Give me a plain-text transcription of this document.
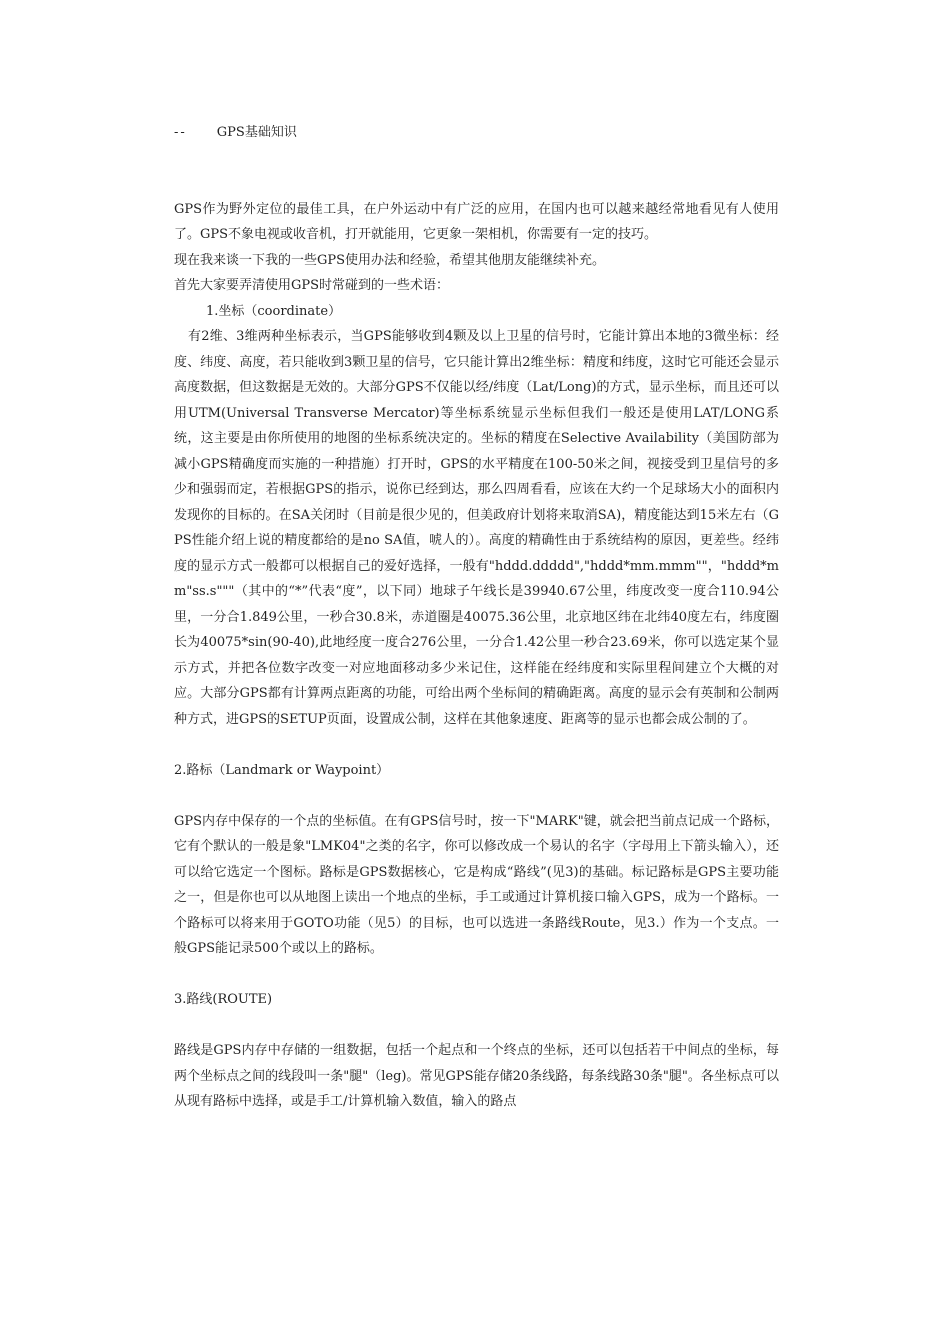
-- GPS基础知识

GPS作为野外定位的最佳工具，在户外运动中有广泛的应用，在国内也可以越来越经常地看见有人使用了。GPS不象电视或收音机，打开就能用，它更象一架相机，你需要有一定的技巧。

现在我来谈一下我的一些GPS使用办法和经验，希望其他朋友能继续补充。

首先大家要弄清使用GPS时常碰到的一些术语：

1.坐标（coordinate）

有2维、3维两种坐标表示，当GPS能够收到4颗及以上卫星的信号时，它能计算出本地的3微坐标：经度、纬度、高度，若只能收到3颗卫星的信号，它只能计算出2维坐标：精度和纬度，这时它可能还会显示高度数据，但这数据是无效的。大部分GPS不仅能以经/纬度（Lat/Long)的方式，显示坐标，而且还可以用UTM(Universal Transverse Mercator)等坐标系统显示坐标但我们一般还是使用LAT/LONG系统，这主要是由你所使用的地图的坐标系统决定的。坐标的精度在Selective Availability（美国防部为减小GPS精确度而实施的一种措施）打开时，GPS的水平精度在100-50米之间，视接受到卫星信号的多少和强弱而定，若根据GPS的指示，说你已经到达，那么四周看看，应该在大约一个足球场大小的面积内发现你的目标的。在SA关闭时（目前是很少见的，但美政府计划将来取消SA)，精度能达到15米左右（GPS性能介绍上说的精度都给的是no SA值，唬人的）。高度的精确性由于系统结构的原因，更差些。经纬度的显示方式一般都可以根据自己的爱好选择，一般有"hddd.ddddd","hddd*mm.mmm""，"hddd*mm"ss.s"""（其中的“*”代表“度”，以下同）地球子午线长是39940.67公里，纬度改变一度合110.94公里，一分合1.849公里，一秒合30.8米，赤道圈是40075.36公里，北京地区纬在北纬40度左右，纬度圈长为40075*sin(90-40),此地经度一度合276公里，一分合1.42公里一秒合23.69米，你可以选定某个显示方式，并把各位数字改变一对应地面移动多少米记住，这样能在经纬度和实际里程间建立个大概的对应。大部分GPS都有计算两点距离的功能，可给出两个坐标间的精确距离。高度的显示会有英制和公制两种方式，进GPS的SETUP页面，设置成公制，这样在其他象速度、距离等的显示也都会成公制的了。

2.路标（Landmark or Waypoint）

GPS内存中保存的一个点的坐标值。在有GPS信号时，按一下"MARK"键，就会把当前点记成一个路标，它有个默认的一般是象"LMK04"之类的名字，你可以修改成一个易认的名字（字母用上下箭头输入），还可以给它选定一个图标。路标是GPS数据核心，它是构成“路线”(见3)的基础。标记路标是GPS主要功能之一，但是你也可以从地图上读出一个地点的坐标，手工或通过计算机接口输入GPS，成为一个路标。一个路标可以将来用于GOTO功能（见5）的目标，也可以选进一条路线Route，见3.）作为一个支点。一般GPS能记录500个或以上的路标。

3.路线(ROUTE)

路线是GPS内存中存储的一组数据，包括一个起点和一个终点的坐标，还可以包括若干中间点的坐标，每两个坐标点之间的线段叫一条"腿"（leg)。常见GPS能存储20条线路，每条线路30条"腿"。各坐标点可以从现有路标中选择，或是手工/计算机输入数值，输入的路点
